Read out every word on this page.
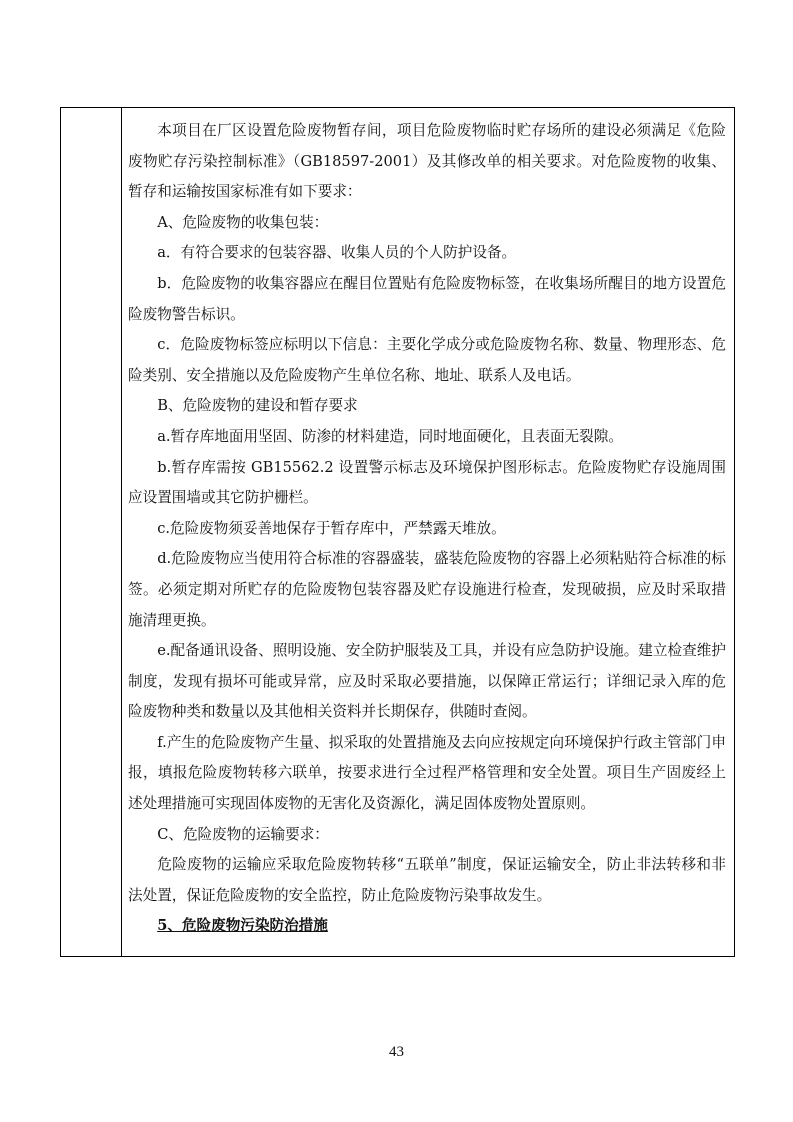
本项目在厂区设置危险废物暂存间，项目危险废物临时贮存场所的建设必须满足《危险废物贮存污染控制标准》（GB18597-2001）及其修改单的相关要求。对危险废物的收集、暂存和运输按国家标准有如下要求：

A、危险废物的收集包装：

a．有符合要求的包装容器、收集人员的个人防护设备。

b．危险废物的收集容器应在醒目位置贴有危险废物标签，在收集场所醒目的地方设置危险废物警告标识。

c．危险废物标签应标明以下信息：主要化学成分或危险废物名称、数量、物理形态、危险类别、安全措施以及危险废物产生单位名称、地址、联系人及电话。

B、危险废物的建设和暂存要求

a.暂存库地面用坚固、防渗的材料建造，同时地面硬化，且表面无裂隙。

b.暂存库需按 GB15562.2 设置警示标志及环境保护图形标志。危险废物贮存设施周围应设置围墙或其它防护栅栏。

c.危险废物须妥善地保存于暂存库中，严禁露天堆放。

d.危险废物应当使用符合标准的容器盛装，盛装危险废物的容器上必须粘贴符合标准的标签。必须定期对所贮存的危险废物包装容器及贮存设施进行检查，发现破损，应及时采取措施清理更换。

e.配备通讯设备、照明设施、安全防护服装及工具，并设有应急防护设施。建立检查维护制度，发现有损坏可能或异常，应及时采取必要措施，以保障正常运行；详细记录入库的危险废物种类和数量以及其他相关资料并长期保存，供随时查阅。

f.产生的危险废物产生量、拟采取的处置措施及去向应按规定向环境保护行政主管部门申报，填报危险废物转移六联单，按要求进行全过程严格管理和安全处置。项目生产固废经上述处理措施可实现固体废物的无害化及资源化，满足固体废物处置原则。

C、危险废物的运输要求：

危险废物的运输应采取危险废物转移“五联单”制度，保证运输安全，防止非法转移和非法处置，保证危险废物的安全监控，防止危险废物污染事故发生。

5、危险废物污染防治措施

43
